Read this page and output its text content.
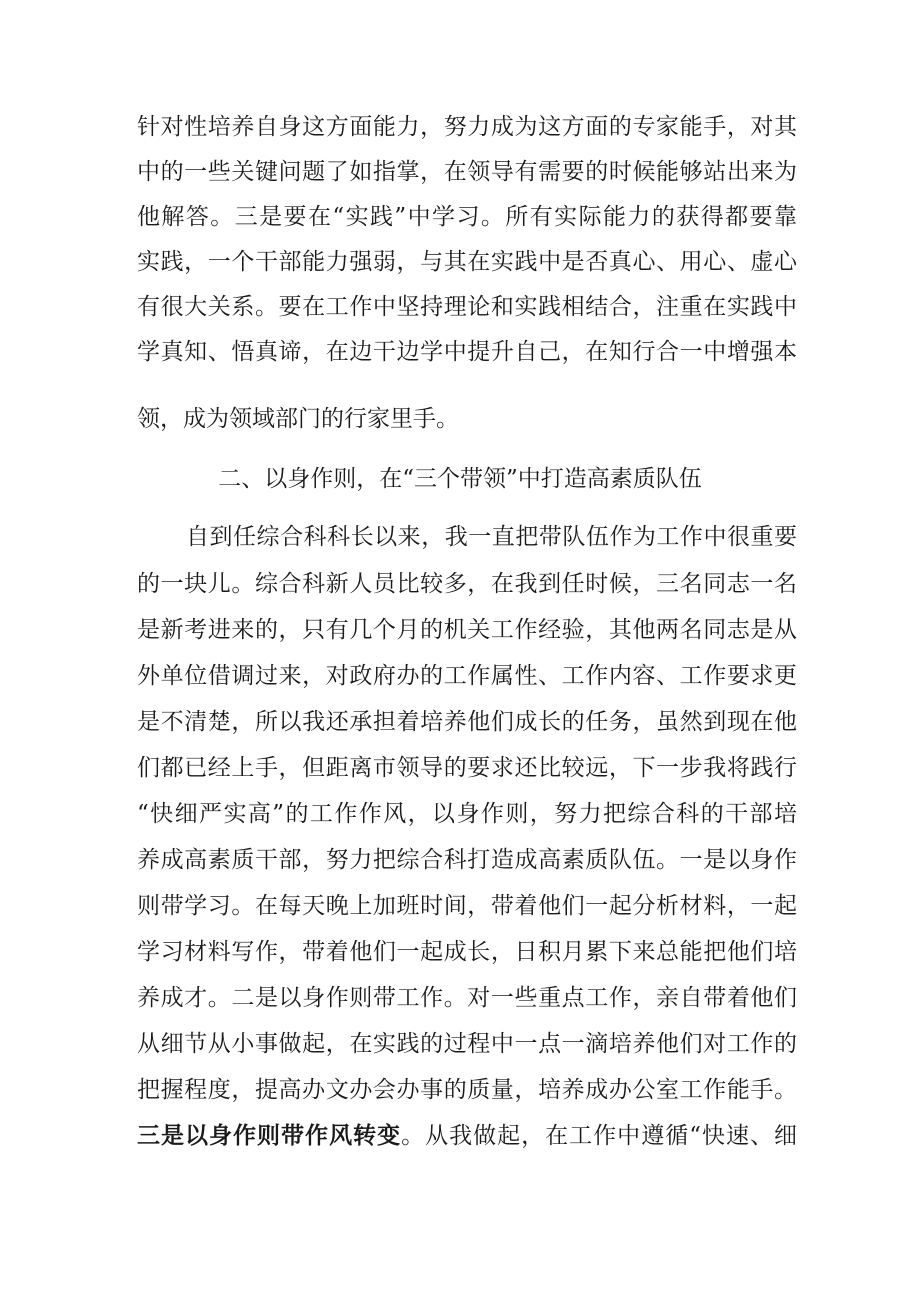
针对性培养自身这方面能力，努力成为这方面的专家能手，对其
中的一些关键问题了如指掌，在领导有需要的时候能够站出来为
他解答。三是要在“实践”中学习。所有实际能力的获得都要靠
实践，一个干部能力强弱，与其在实践中是否真心、用心、虚心
有很大关系。要在工作中坚持理论和实践相结合，注重在实践中
学真知、悟真谛，在边干边学中提升自己，在知行合一中增强本
领，成为领域部门的行家里手。
二、以身作则，在“三个带领”中打造高素质队伍
自到任综合科科长以来，我一直把带队伍作为工作中很重要
的一块儿。综合科新人员比较多，在我到任时候，三名同志一名
是新考进来的，只有几个月的机关工作经验，其他两名同志是从
外单位借调过来，对政府办的工作属性、工作内容、工作要求更
是不清楚，所以我还承担着培养他们成长的任务，虽然到现在他
们都已经上手，但距离市领导的要求还比较远，下一步我将践行
“快细严实高”的工作作风，以身作则，努力把综合科的干部培
养成高素质干部，努力把综合科打造成高素质队伍。一是以身作
则带学习。在每天晚上加班时间，带着他们一起分析材料，一起
学习材料写作，带着他们一起成长，日积月累下来总能把他们培
养成才。二是以身作则带工作。对一些重点工作，亲自带着他们
从细节从小事做起，在实践的过程中一点一滴培养他们对工作的
把握程度，提高办文办会办事的质量，培养成办公室工作能手。
三是以身作则带作风转变。从我做起，在工作中遵循“快速、细
